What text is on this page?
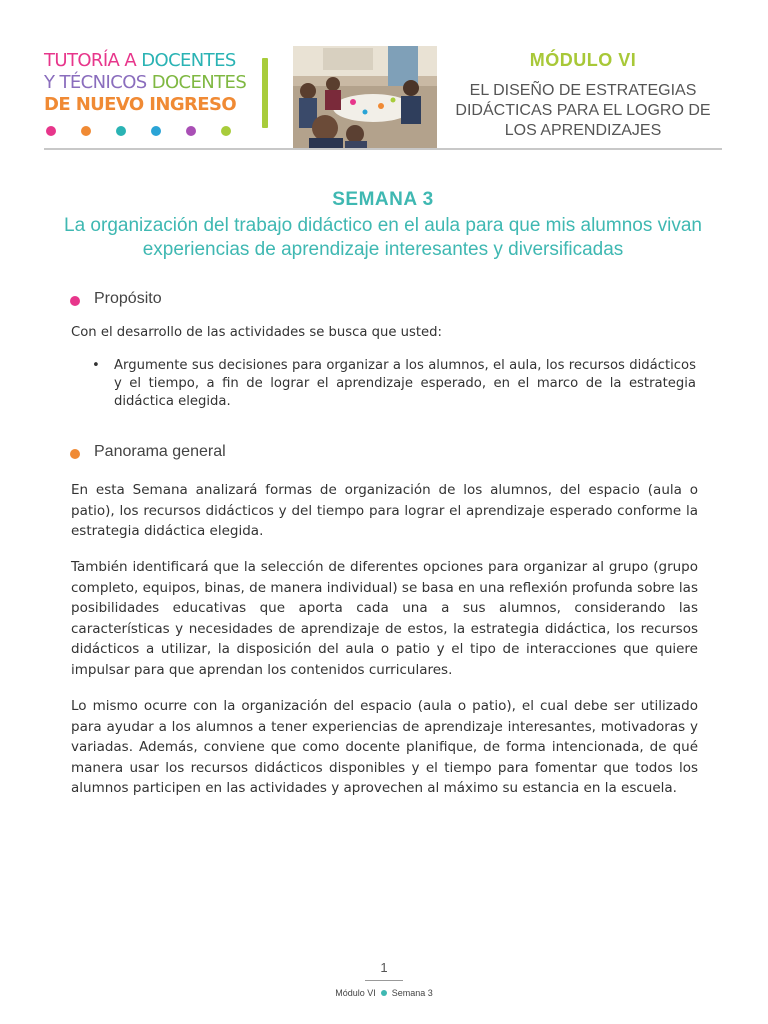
TUTORÍA A DOCENTES
Y TÉCNICOS DOCENTES
DE NUEVO INGRESO
MÓDULO VI
EL DISEÑO DE ESTRATEGIAS DIDÁCTICAS PARA EL LOGRO DE LOS APRENDIZAJES
SEMANA 3
La organización del trabajo didáctico en el aula para que mis alumnos vivan experiencias de aprendizaje interesantes y diversificadas
Propósito
Con el desarrollo de las actividades se busca que usted:
• Argumente sus decisiones para organizar a los alumnos, el aula, los recursos didácticos y el tiempo, a fin de lograr el aprendizaje esperado, en el marco de la estrategia didáctica elegida.
Panorama general
En esta Semana analizará formas de organización de los alumnos, del espacio (aula o patio), los recursos didácticos y del tiempo para lograr el aprendizaje esperado conforme la estrategia didáctica elegida.
También identificará que la selección de diferentes opciones para organizar al grupo (grupo completo, equipos, binas, de manera individual) se basa en una reflexión profunda sobre las posibilidades educativas que aporta cada una a sus alumnos, considerando las características y necesidades de aprendizaje de estos, la estrategia didáctica, los recursos didácticos a utilizar, la disposición del aula o patio y el tipo de interacciones que quiere impulsar para que aprendan los contenidos curriculares.
Lo mismo ocurre con la organización del espacio (aula o patio), el cual debe ser utilizado para ayudar a los alumnos a tener experiencias de aprendizaje interesantes, motivadoras y variadas. Además, conviene que como docente planifique, de forma intencionada, de qué manera usar los recursos didácticos disponibles y el tiempo para fomentar que todos los alumnos participen en las actividades y aprovechen al máximo su estancia en la escuela.
1
Módulo VI Semana 3
